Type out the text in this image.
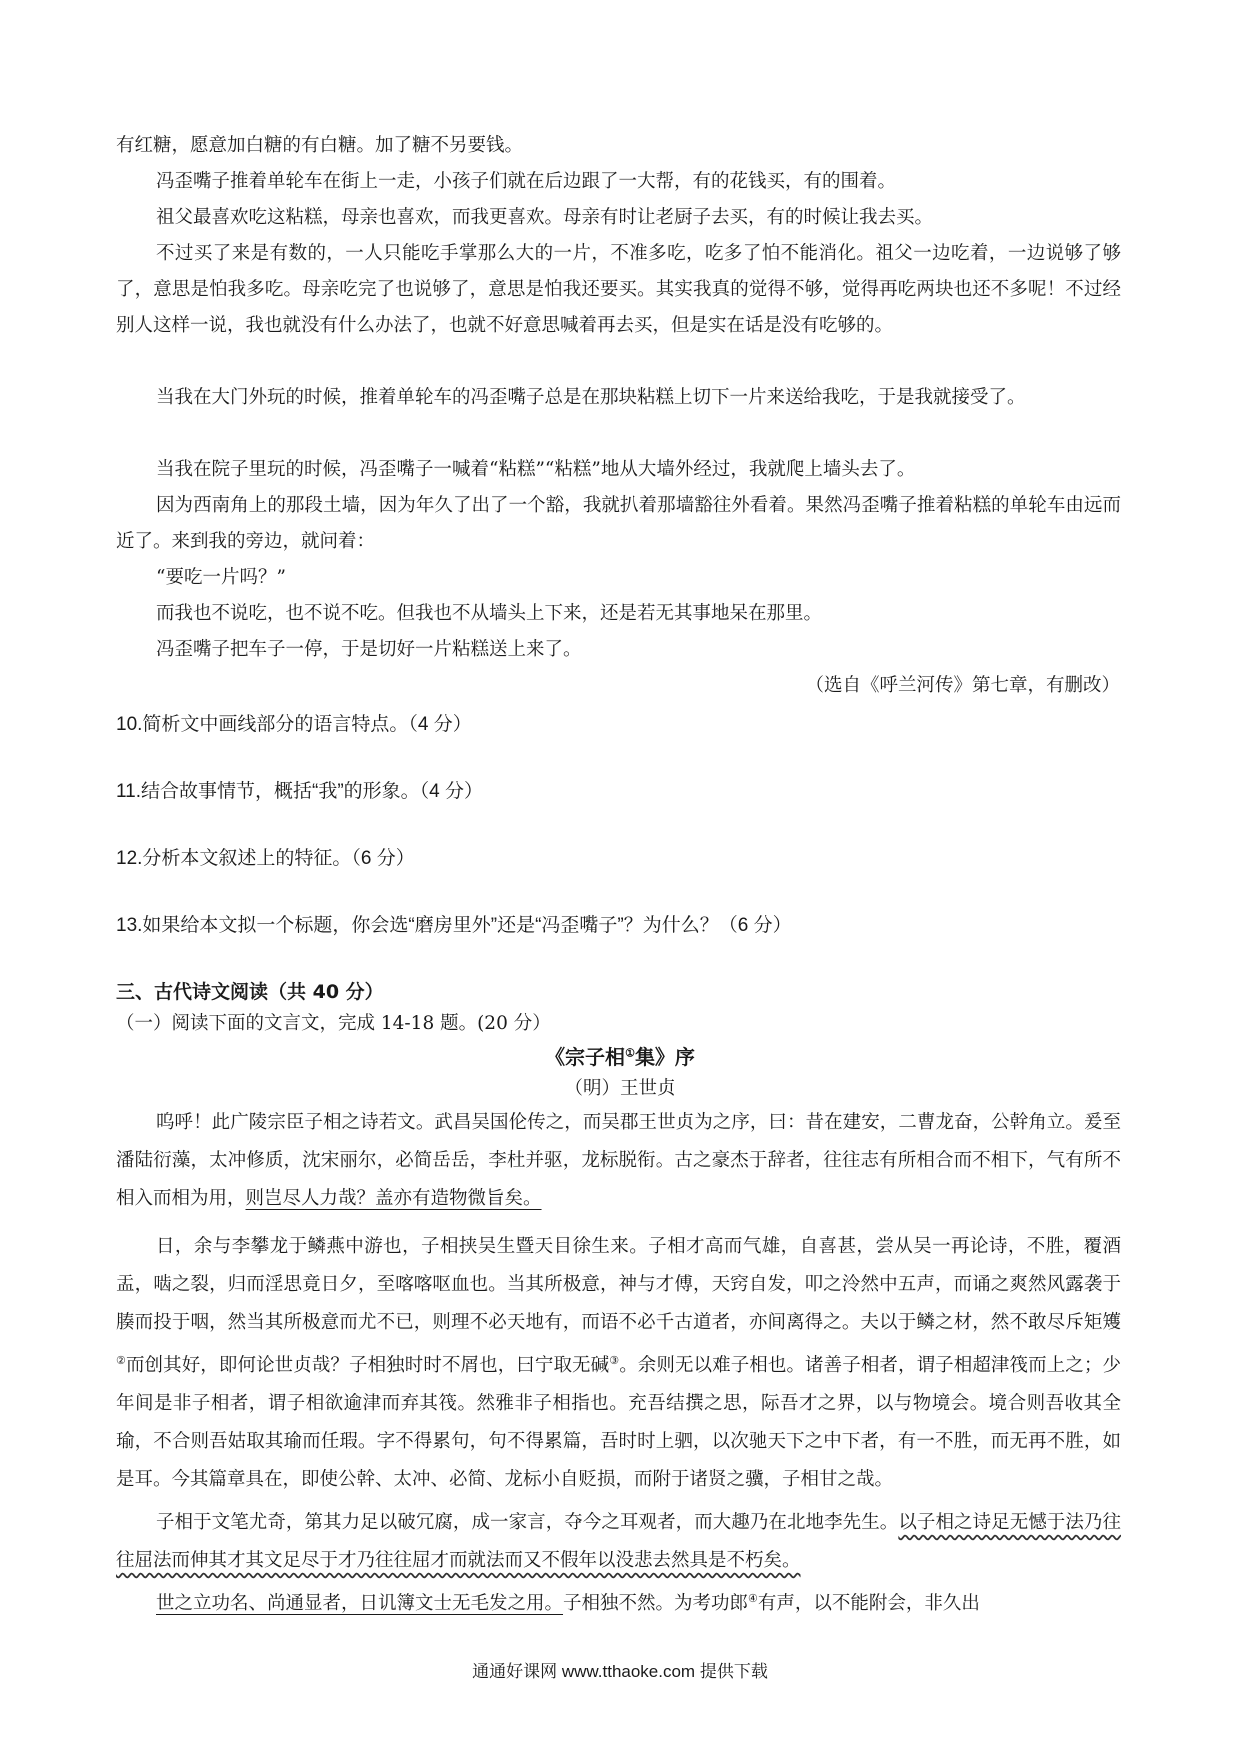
有红糖，愿意加白糖的有白糖。加了糖不另要钱。
冯歪嘴子推着单轮车在街上一走，小孩子们就在后边跟了一大帮，有的花钱买，有的围着。
祖父最喜欢吃这粘糕，母亲也喜欢，而我更喜欢。母亲有时让老厨子去买，有的时候让我去买。
不过买了来是有数的，一人只能吃手掌那么大的一片，不准多吃，吃多了怕不能消化。祖父一边吃着，一边说够了够了，意思是怕我多吃。母亲吃完了也说够了，意思是怕我还要买。其实我真的觉得不够，觉得再吃两块也还不多呢！不过经别人这样一说，我也就没有什么办法了，也就不好意思喊着再去买，但是实在话是没有吃够的。
当我在大门外玩的时候，推着单轮车的冯歪嘴子总是在那块粘糕上切下一片来送给我吃，于是我就接受了。
当我在院子里玩的时候，冯歪嘴子一喊着“粘糕”“粘糕”地从大墙外经过，我就爬上墙头去了。
因为西南角上的那段土墙，因为年久了出了一个豁，我就扒着那墙豁往外看着。果然冯歪嘴子推着粘糕的单轮车由远而近了。来到我的旁边，就问着：
“要吃一片吗？”
而我也不说吃，也不说不吃。但我也不从墙头上下来，还是若无其事地呆在那里。
冯歪嘴子把车子一停，于是切好一片粘糕送上来了。
（选自《呼兰河传》第七章，有删改）
10.简析文中画线部分的语言特点。（4 分）
11.结合故事情节，概括“我”的形象。（4 分）
12.分析本文叙述上的特征。（6 分）
13.如果给本文拟一个标题，你会选“磨房里外”还是“冯歪嘴子”？为什么？（6 分）
三、古代诗文阅读（共 40 分）
（一）阅读下面的文言文，完成 14-18 题。(20 分）
《宗子相①集》序
（明）王世贞
呜呼！此广陵宗臣子相之诗若文。武昌吴国伦传之，而吴郡王世贞为之序，曰：昔在建安，二曹龙奋，公幹角立。爰至潘陆衍藻，太冲修质，沈宋丽尔，必简岳岳，李杜并驱，龙标脱衔。古之豪杰于辞者，往往志有所相合而不相下，气有所不相入而相为用，则岂尽人力哉？盖亦有造物微旨矣。
日，余与李攀龙于鳞燕中游也，子相挟吴生暨天目徐生来。子相才高而气雄，自喜甚，尝从吴一再论诗，不胜，覆酒盂，啮之裂，归而淫思竟日夕，至喀喀呕血也。当其所极意，神与才傅，天窍自发，叩之泠然中五声，而诵之爽然风露袭于腠而投于咽，然当其所极意而尤不已，则理不必天地有，而语不必千古道者，亦间离得之。夫以于鳞之材，然不敢尽斥矩矱②而创其好，即何论世贞哉？子相独时时不屑也，曰宁取无碱③。余则无以难子相也。诸善子相者，谓子相超津筏而上之；少年间是非子相者，谓子相欲逾津而弃其筏。然雅非子相指也。充吾结撰之思，际吾才之界，以与物境会。境合则吾收其全瑜，不合则吾姑取其瑜而任瑕。字不得累句，句不得累篇，吾时时上驷，以次驰天下之中下者，有一不胜，而无再不胜，如是耳。今其篇章具在，即使公幹、太冲、必简、龙标小自贬损，而附于诸贤之骥，子相甘之哉。
子相于文笔尤奇，第其力足以破冗腐，成一家言，夺今之耳观者，而大趣乃在北地李先生。以子相之诗足无憾于法乃往往屈法而伸其才其文足尽于才乃往往屈才而就法而又不假年以没悲去然具是不朽矣。
世之立功名、尚通显者，日讥簿文士无毛发之用。子相独不然。为考功郎④有声，以不能附会，非久出
通通好课网 www.tthaoke.com 提供下载
